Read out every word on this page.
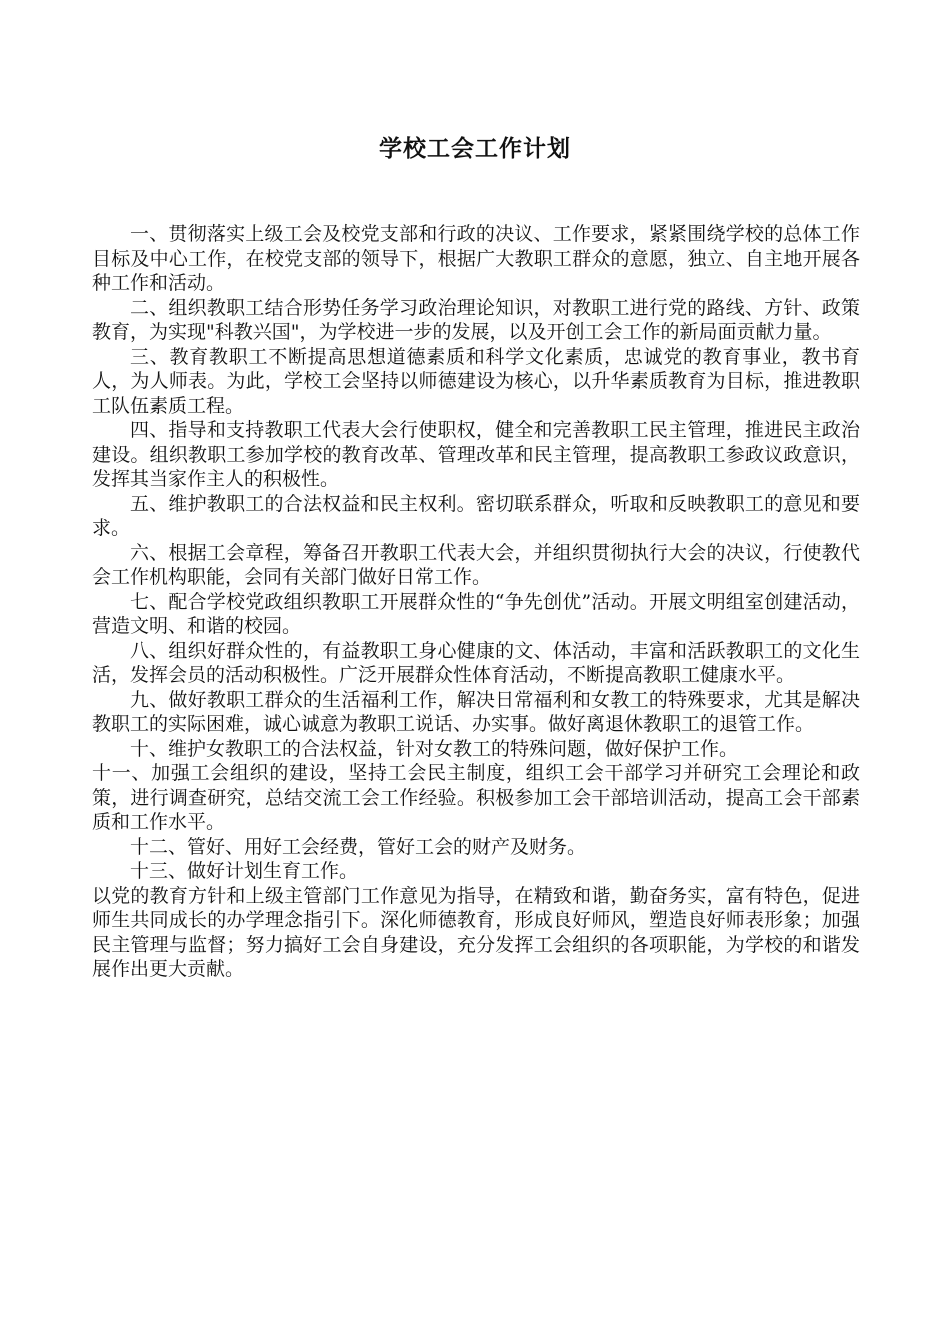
学校工会工作计划

一、贯彻落实上级工会及校党支部和行政的决议、工作要求，紧紧围绕学校的总体工作目标及中心工作，在校党支部的领导下，根据广大教职工群众的意愿，独立、自主地开展各种工作和活动。

二、组织教职工结合形势任务学习政治理论知识，对教职工进行党的路线、方针、政策教育，为实现"科教兴国"，为学校进一步的发展，以及开创工会工作的新局面贡献力量。

三、教育教职工不断提高思想道德素质和科学文化素质，忠诚党的教育事业，教书育人，为人师表。为此，学校工会坚持以师德建设为核心，以升华素质教育为目标，推进教职工队伍素质工程。

四、指导和支持教职工代表大会行使职权，健全和完善教职工民主管理，推进民主政治建设。组织教职工参加学校的教育改革、管理改革和民主管理，提高教职工参政议政意识，发挥其当家作主人的积极性。

五、维护教职工的合法权益和民主权利。密切联系群众，听取和反映教职工的意见和要求。

六、根据工会章程，筹备召开教职工代表大会，并组织贯彻执行大会的决议，行使教代会工作机构职能，会同有关部门做好日常工作。

七、配合学校党政组织教职工开展群众性的“争先创优”活动。开展文明组室创建活动，营造文明、和谐的校园。

八、组织好群众性的，有益教职工身心健康的文、体活动，丰富和活跃教职工的文化生活，发挥会员的活动积极性。广泛开展群众性体育活动，不断提高教职工健康水平。

九、做好教职工群众的生活福利工作，解决日常福利和女教工的特殊要求，尤其是解决教职工的实际困难，诚心诚意为教职工说话、办实事。做好离退休教职工的退管工作。

十、维护女教职工的合法权益，针对女教工的特殊问题，做好保护工作。

十一、加强工会组织的建设，坚持工会民主制度，组织工会干部学习并研究工会理论和政策，进行调查研究，总结交流工会工作经验。积极参加工会干部培训活动，提高工会干部素质和工作水平。

十二、管好、用好工会经费，管好工会的财产及财务。

十三、做好计划生育工作。

以党的教育方针和上级主管部门工作意见为指导，在精致和谐，勤奋务实，富有特色，促进师生共同成长的办学理念指引下。深化师德教育，形成良好师风，塑造良好师表形象；加强民主管理与监督；努力搞好工会自身建设，充分发挥工会组织的各项职能，为学校的和谐发展作出更大贡献。
